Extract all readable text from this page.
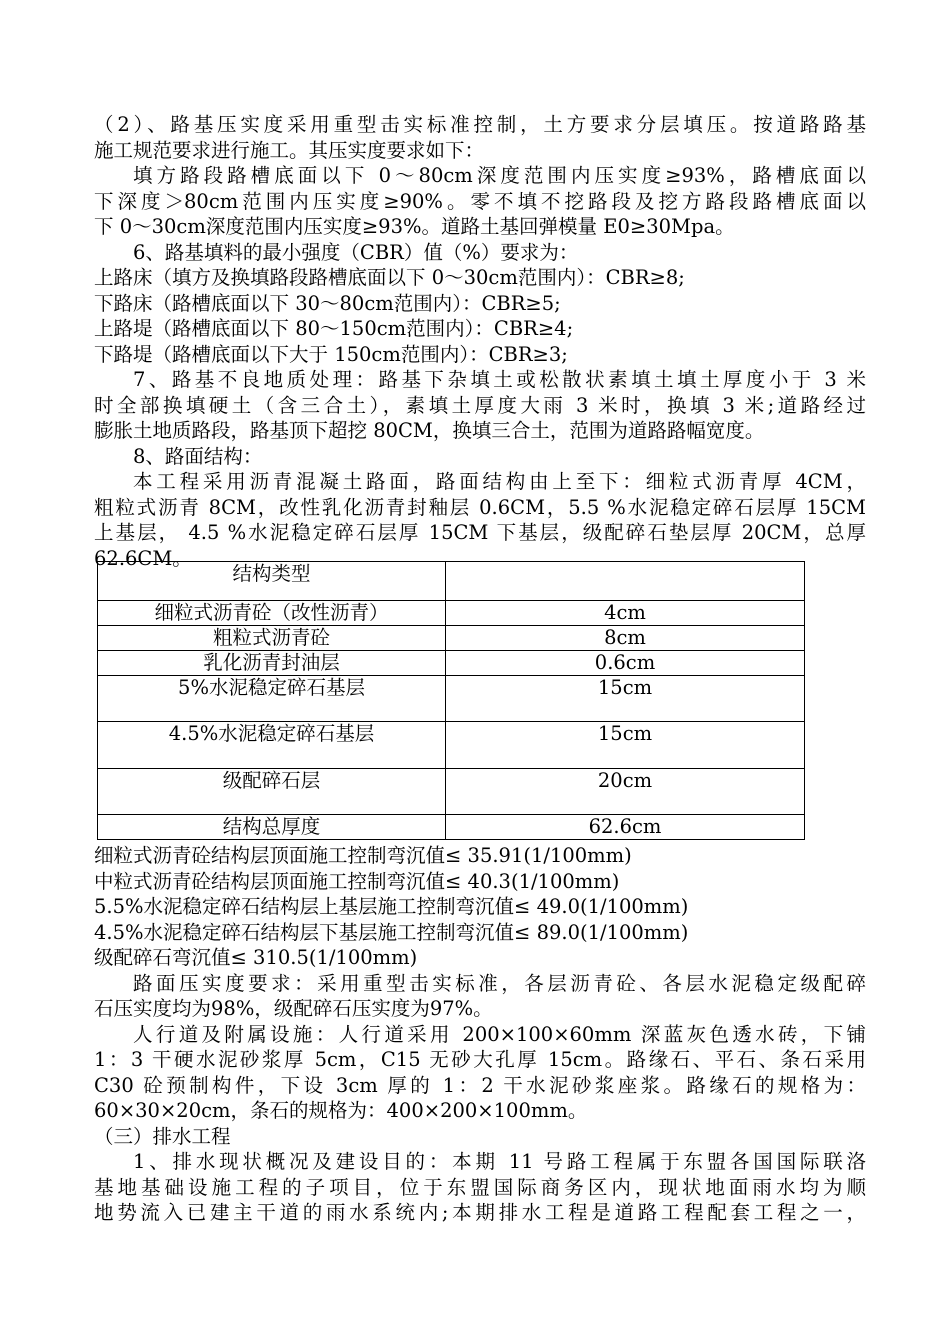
（2）、路基压实度采用重型击实标准控制，土方要求分层填压。按道路路基
施工规范要求进行施工。其压实度要求如下：
填方路段路槽底面以下 0～80cm深度范围内压实度≥93%，路槽底面以
下深度＞80cm范围内压实度≥90%。零不填不挖路段及挖方路段路槽底面以
下 0～30cm深度范围内压实度≥93%。道路土基回弹模量 E0≥30Mpa。
6、路基填料的最小强度（CBR）值（%）要求为：
上路床（填方及换填路段路槽底面以下 0～30cm范围内）：CBR≥8;
下路床（路槽底面以下 30～80cm范围内）：CBR≥5;
上路堤（路槽底面以下 80～150cm范围内）：CBR≥4;
下路堤（路槽底面以下大于 150cm范围内）：CBR≥3;
7、路基不良地质处理：路基下杂填土或松散状素填土填土厚度小于 3 米
时全部换填硬土（含三合土），素填土厚度大雨 3 米时，换填 3 米;道路经过
膨胀土地质路段，路基顶下超挖 80CM，换填三合土，范围为道路路幅宽度。
8、路面结构：
本工程采用沥青混凝土路面，路面结构由上至下：细粒式沥青厚 4CM，
粗粒式沥青 8CM，改性乳化沥青封釉层 0.6CM，5.5 %水泥稳定碎石层厚 15CM
上基层， 4.5 %水泥稳定碎石层厚 15CM 下基层，级配碎石垫层厚 20CM，总厚
62.6CM。
结构类型	
细粒式沥青砼（改性沥青）	4cm
粗粒式沥青砼	8cm
乳化沥青封油层	0.6cm
5%水泥稳定碎石基层	15cm
4.5%水泥稳定碎石基层	15cm
级配碎石层	20cm
结构总厚度	62.6cm
细粒式沥青砼结构层顶面施工控制弯沉值≤ 35.91(1/100mm)
中粒式沥青砼结构层顶面施工控制弯沉值≤ 40.3(1/100mm)
5.5%水泥稳定碎石结构层上基层施工控制弯沉值≤ 49.0(1/100mm)
4.5%水泥稳定碎石结构层下基层施工控制弯沉值≤ 89.0(1/100mm)
级配碎石弯沉值≤ 310.5(1/100mm)
路面压实度要求：采用重型击实标准，各层沥青砼、各层水泥稳定级配碎
石压实度均为98%，级配碎石压实度为97%。
人行道及附属设施：人行道采用 200×100×60mm 深蓝灰色透水砖，下铺
1：3 干硬水泥砂浆厚 5cm，C15 无砂大孔厚 15cm。路缘石、平石、条石采用
C30 砼预制构件，下设 3cm 厚的 1：2 干水泥砂浆座浆。路缘石的规格为：
60×30×20cm，条石的规格为：400×200×100mm。
（三）排水工程
1、排水现状概况及建设目的：本期 11 号路工程属于东盟各国国际联洛
基地基础设施工程的子项目，位于东盟国际商务区内，现状地面雨水均为顺
地势流入已建主干道的雨水系统内;本期排水工程是道路工程配套工程之一，
